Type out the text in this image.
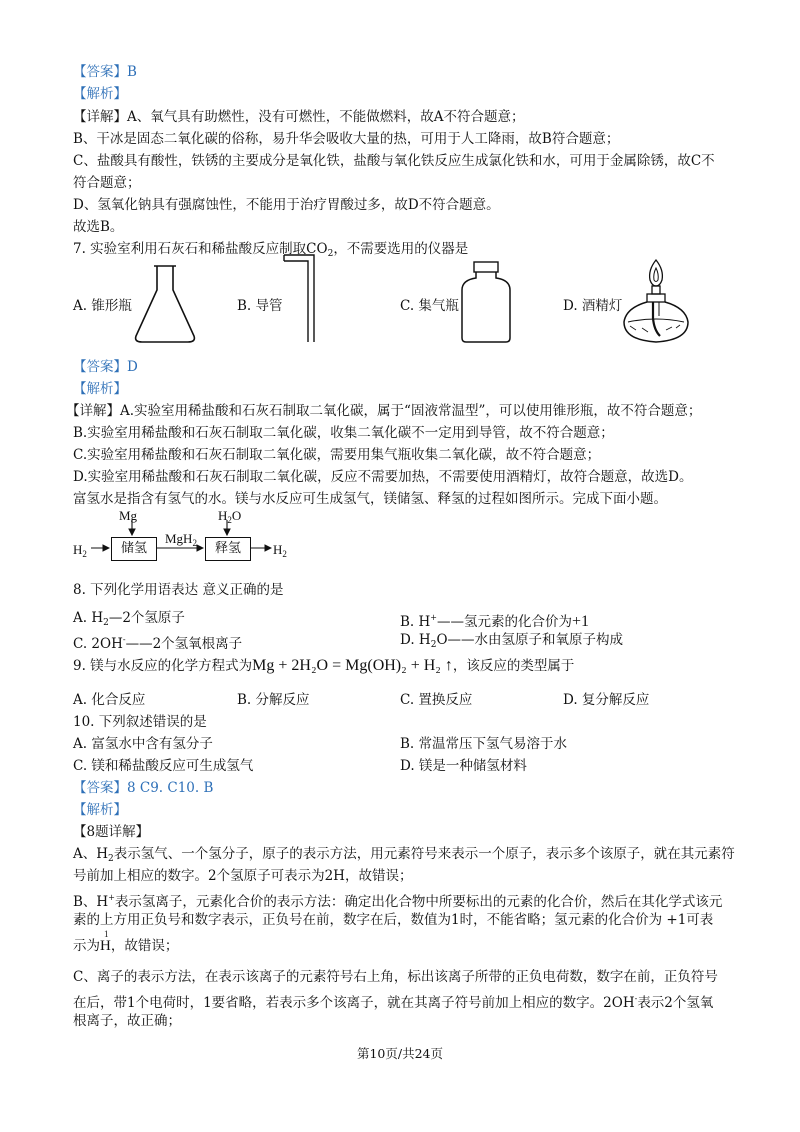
【答案】B
【解析】
【详解】A、氧气具有助燃性，没有可燃性，不能做燃料，故A不符合题意；
B、干冰是固态二氧化碳的俗称，易升华会吸收大量的热，可用于人工降雨，故B符合题意；
C、盐酸具有酸性，铁锈的主要成分是氧化铁，盐酸与氧化铁反应生成氯化铁和水，可用于金属除锈，故C不
符合题意；
D、氢氧化钠具有强腐蚀性，不能用于治疗胃酸过多，故D不符合题意。
故选B。
7. 实验室利用石灰石和稀盐酸反应制取$CO_2$，不需要选用的仪器是
A. 锥形瓶	B. 导管	C. 集气瓶	D. 酒精灯
【答案】D
【解析】
【详解】A.实验室用稀盐酸和石灰石制取二氧化碳，属于“固液常温型”，可以使用锥形瓶，故不符合题意；
B.实验室用稀盐酸和石灰石制取二氧化碳，收集二氧化碳不一定用到导管，故不符合题意；
C.实验室用稀盐酸和石灰石制取二氧化碳，需要用集气瓶收集二氧化碳，故不符合题意；
D.实验室用稀盐酸和石灰石制取二氧化碳，反应不需要加热，不需要使用酒精灯，故符合题意，故选D。
富氢水是指含有氢气的水。镁与水反应可生成氢气，镁储氢、释氢的过程如图所示。完成下面小题。
Mg	$H_2O$
$H_2$
MgH$_2$	$H_2$
储氢	释氢
8. 下列化学用语表达 意义正确的是
A. $H_2—2$个氢原子	B. H+——氢元素的化合价为+1
C. 2OH-——2个氢氧根离子	D. $H_2O——$水由氢原子和氧原子构成
9. 镁与水反应的化学方程式为Mg + 2H₂O = Mg(OH)₂ + H₂ ↑，该反应的类型属于
A. 化合反应	B. 分解反应	C. 置换反应	D. 复分解反应
10. 下列叙述错误的是
A. 富氢水中含有氢分子	B. 常温常压下氢气易溶于水
C. 镁和稀盐酸反应可生成氢气	D. 镁是一种储氢材料
【答案】8 C9. C10. B
【解析】
【8题详解】
A、$H_2$表示氢气、一个氢分子，原子的表示方法，用元素符号来表示一个原子，表示多个该原子，就在其元素符
号前加上相应的数字。2个氢原子可表示为2H，故错误；
B、H+表示氢离子，元素化合价的表示方法：确定出化合物中所要标出的元素的化合价，然后在其化学式该元
素的上方用正负号和数字表示，正负号在前，数字在后，数值为1时，不能省略；氢元素的化合价为 +1可表
示为
1
H，故错误；
C、离子的表示方法，在表示该离子的元素符号右上角，标出该离子所带的正负电荷数，数字在前，正负符号
在后，带1个电荷时，1要省略，若表示多个该离子，就在其离子符号前加上相应的数字。2OH-表示2个氢氧
根离子，故正确；
第10页/共24页
